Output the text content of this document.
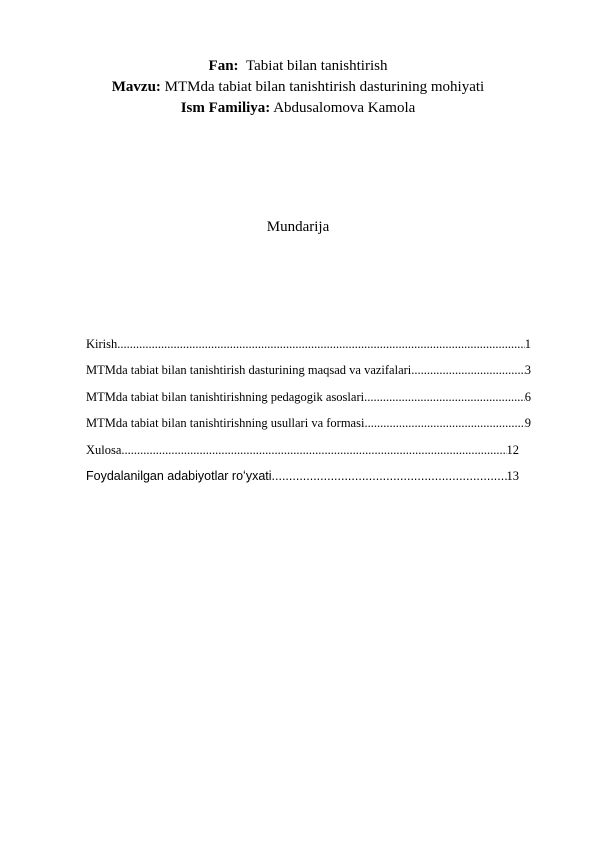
Fan: Tabiat bilan tanishtirish
Mavzu: MTMda tabiat bilan tanishtirish dasturining mohiyati
Ism Familiya: Abdusalomova Kamola
Mundarija
Kirish .....	1
MTMda tabiat bilan tanishtirish dasturining maqsad va vazifalari .....	3
MTMda tabiat bilan tanishtirishning pedagogik asoslari .....	6
MTMda tabiat bilan tanishtirishning usullari va formasi .....	9
Xulosa .....	12
Foydalanilgan adabiyotlar roʻyxati .....	13
